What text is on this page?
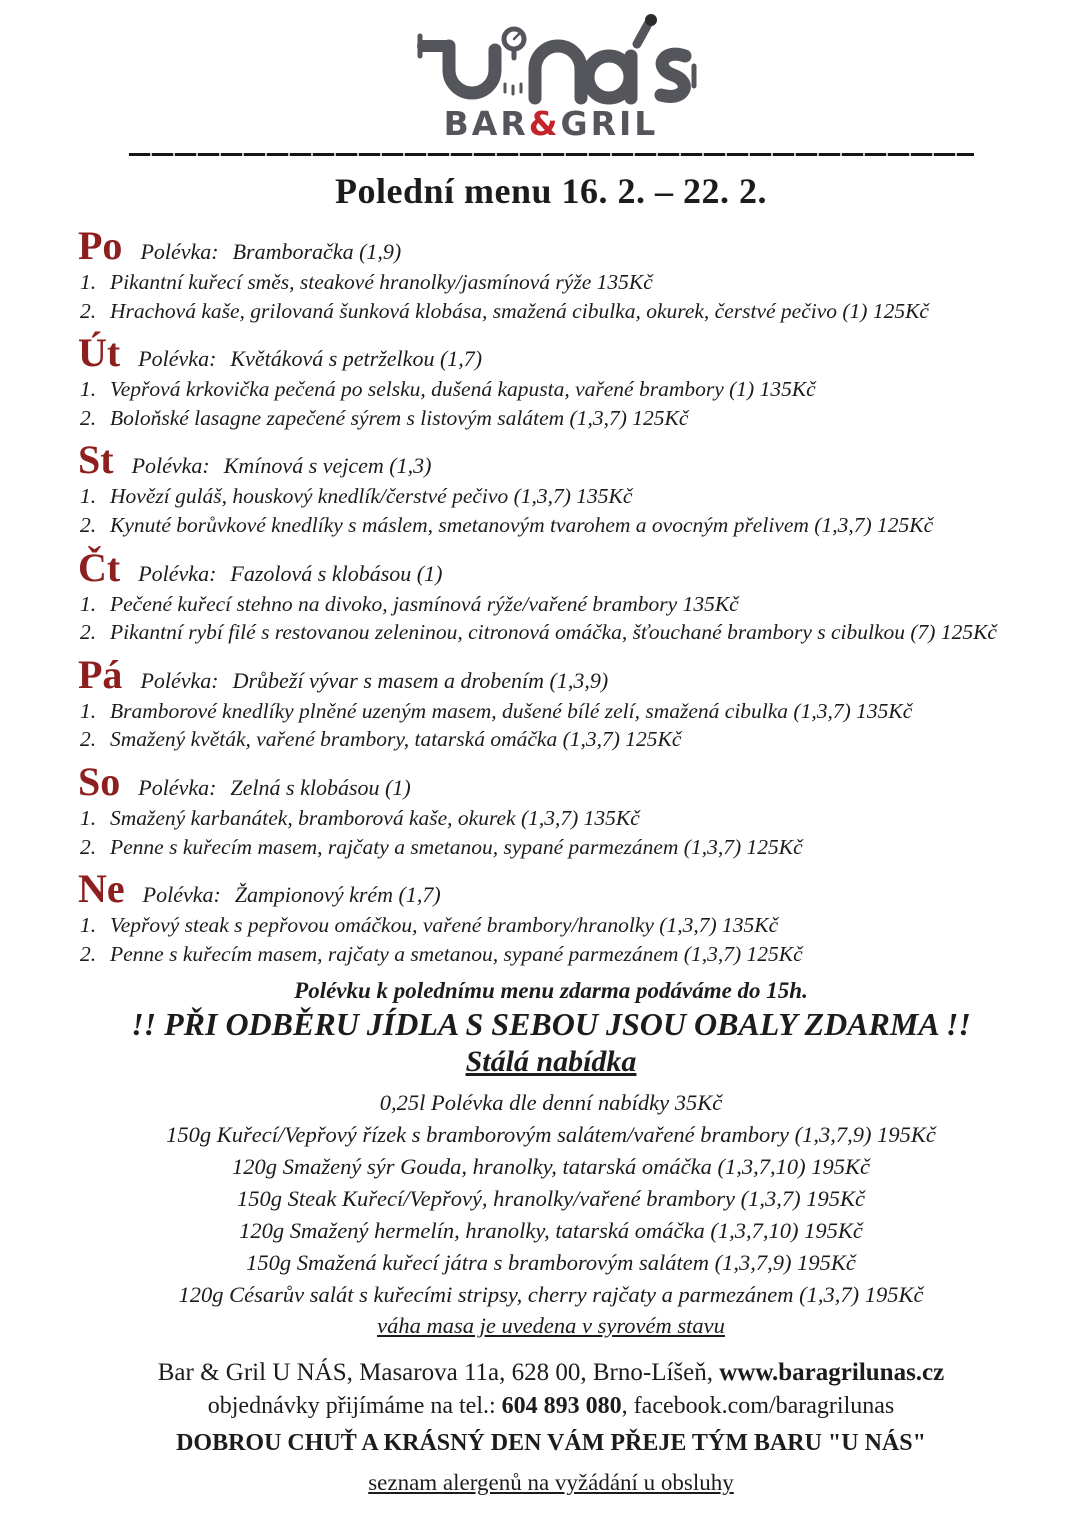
BAR&GRIL
Polední menu 16. 2. – 22. 2.
Po Polévka: Bramboračka (1,9)
1. Pikantní kuřecí směs, steakové hranolky/jasmínová rýže 135Kč
2. Hrachová kaše, grilovaná šunková klobása, smažená cibulka, okurek, čerstvé pečivo (1) 125Kč
Út Polévka: Květáková s petrželkou (1,7)
1. Vepřová krkovička pečená po selsku, dušená kapusta, vařené brambory (1) 135Kč
2. Boloňské lasagne zapečené sýrem s listovým salátem (1,3,7) 125Kč
St Polévka: Kmínová s vejcem (1,3)
1. Hovězí guláš, houskový knedlík/čerstvé pečivo (1,3,7) 135Kč
2. Kynuté borůvkové knedlíky s máslem, smetanovým tvarohem a ovocným přelivem (1,3,7) 125Kč
Čt Polévka: Fazolová s klobásou (1)
1. Pečené kuřecí stehno na divoko, jasmínová rýže/vařené brambory 135Kč
2. Pikantní rybí filé s restovanou zeleninou, citronová omáčka, šťouchané brambory s cibulkou (7) 125Kč
Pá Polévka: Drůbeží vývar s masem a drobením (1,3,9)
1. Bramborové knedlíky plněné uzeným masem, dušené bílé zelí, smažená cibulka (1,3,7) 135Kč
2. Smažený květák, vařené brambory, tatarská omáčka (1,3,7) 125Kč
So Polévka: Zelná s klobásou (1)
1. Smažený karbanátek, bramborová kaše, okurek (1,3,7) 135Kč
2. Penne s kuřecím masem, rajčaty a smetanou, sypané parmezánem (1,3,7) 125Kč
Ne Polévka: Žampionový krém (1,7)
1. Vepřový steak s pepřovou omáčkou, vařené brambory/hranolky (1,3,7) 135Kč
2. Penne s kuřecím masem, rajčaty a smetanou, sypané parmezánem (1,3,7) 125Kč
Polévku k polednímu menu zdarma podáváme do 15h.
!! PŘI ODBĚRU JÍDLA S SEBOU JSOU OBALY ZDARMA !!
Stálá nabídka
0,25l Polévka dle denní nabídky 35Kč
150g Kuřecí/Vepřový řízek s bramborovým salátem/vařené brambory (1,3,7,9) 195Kč
120g Smažený sýr Gouda, hranolky, tatarská omáčka (1,3,7,10) 195Kč
150g Steak Kuřecí/Vepřový, hranolky/vařené brambory (1,3,7) 195Kč
120g Smažený hermelín, hranolky, tatarská omáčka (1,3,7,10) 195Kč
150g Smažená kuřecí játra s bramborovým salátem (1,3,7,9) 195Kč
120g Césarův salát s kuřecími stripsy, cherry rajčaty a parmezánem (1,3,7) 195Kč
váha masa je uvedena v syrovém stavu
Bar & Gril U NÁS, Masarova 11a, 628 00, Brno-Líšeň, www.baragrilunas.cz
objednávky přijímáme na tel.: 604 893 080, facebook.com/baragrilunas
DOBROU CHUŤ A KRÁSNÝ DEN VÁM PŘEJE TÝM BARU "U NÁS"
seznam alergenů na vyžádání u obsluhy
